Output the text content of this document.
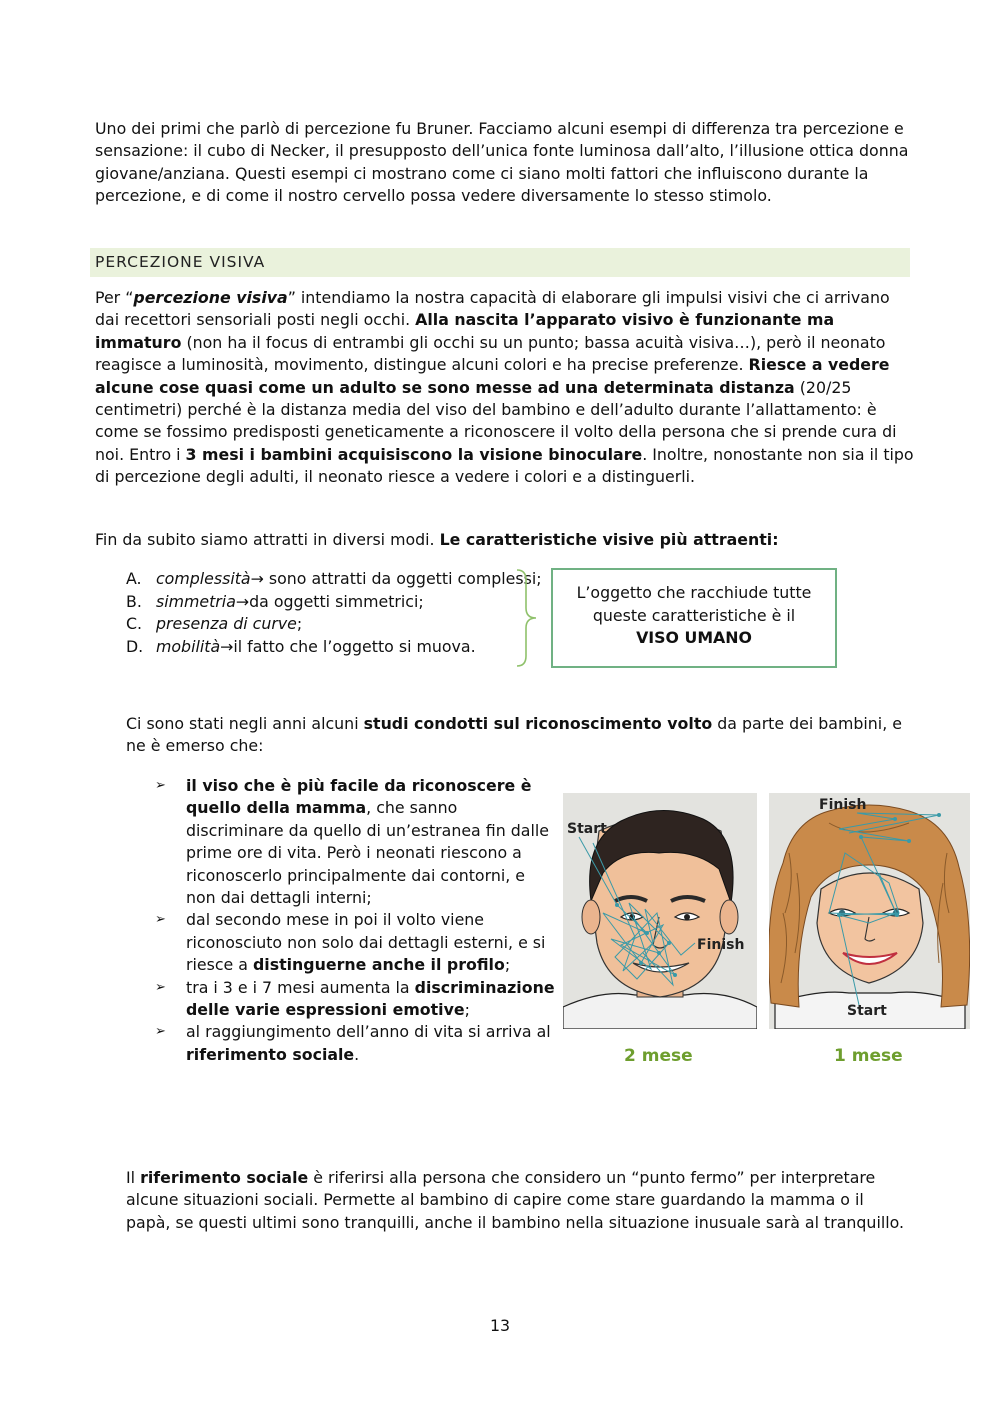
Uno dei primi che parlò di percezione fu Bruner. Facciamo alcuni esempi di differenza tra percezione e sensazione: il cubo di Necker, il presupposto dell’unica fonte luminosa dall’alto, l’illusione ottica donna giovane/anziana. Questi esempi ci mostrano come ci siano molti fattori che influiscono durante la percezione, e di come il nostro cervello possa vedere diversamente lo stesso stimolo.

PERCEZIONE VISIVA

Per “percezione visiva” intendiamo la nostra capacità di elaborare gli impulsi visivi che ci arrivano dai recettori sensoriali posti negli occhi. Alla nascita l’apparato visivo è funzionante ma immaturo (non ha il focus di entrambi gli occhi su un punto; bassa acuità visiva…), però il neonato reagisce a luminosità, movimento, distingue alcuni colori e ha precise preferenze. Riesce a vedere alcune cose quasi come un adulto se sono messe ad una determinata distanza (20/25 centimetri) perché è la distanza media del viso del bambino e dell’adulto durante l’allattamento: è come se fossimo predisposti geneticamente a riconoscere il volto della persona che si prende cura di noi. Entro i 3 mesi i bambini acquisiscono la visione binoculare. Inoltre, nonostante non sia il tipo di percezione degli adulti, il neonato riesce a vedere i colori e a distinguerli.

Fin da subito siamo attratti in diversi modi. Le caratteristiche visive più attraenti:

A. complessità→ sono attratti da oggetti complessi;
B. simmetria→da oggetti simmetrici;
C. presenza di curve;
D. mobilità→il fatto che l’oggetto si muova.
L’oggetto che racchiude tutte
queste caratteristiche è il
VISO UMANO

Ci sono stati negli anni alcuni studi condotti sul riconoscimento volto da parte dei bambini, e ne è emerso che:

➢ il viso che è più facile da riconoscere è quello della mamma, che sanno discriminare da quello di un’estranea fin dalle prime ore di vita. Però i neonati riescono a riconoscerlo principalmente dai contorni, e non dai dettagli interni;
➢ dal secondo mese in poi il volto viene riconosciuto non solo dai dettagli esterni, e si riesce a distinguerne anche il profilo;
➢ tra i 3 e i 7 mesi aumenta la discriminazione delle varie espressioni emotive;
➢ al raggiungimento dell’anno di vita si arriva al riferimento sociale.
Start
Finish
Finish
Start
2 mese	1 mese

Il riferimento sociale è riferirsi alla persona che considero un “punto fermo” per interpretare alcune situazioni sociali. Permette al bambino di capire come stare guardando la mamma o il papà, se questi ultimi sono tranquilli, anche il bambino nella situazione inusuale sarà al tranquillo.

13
